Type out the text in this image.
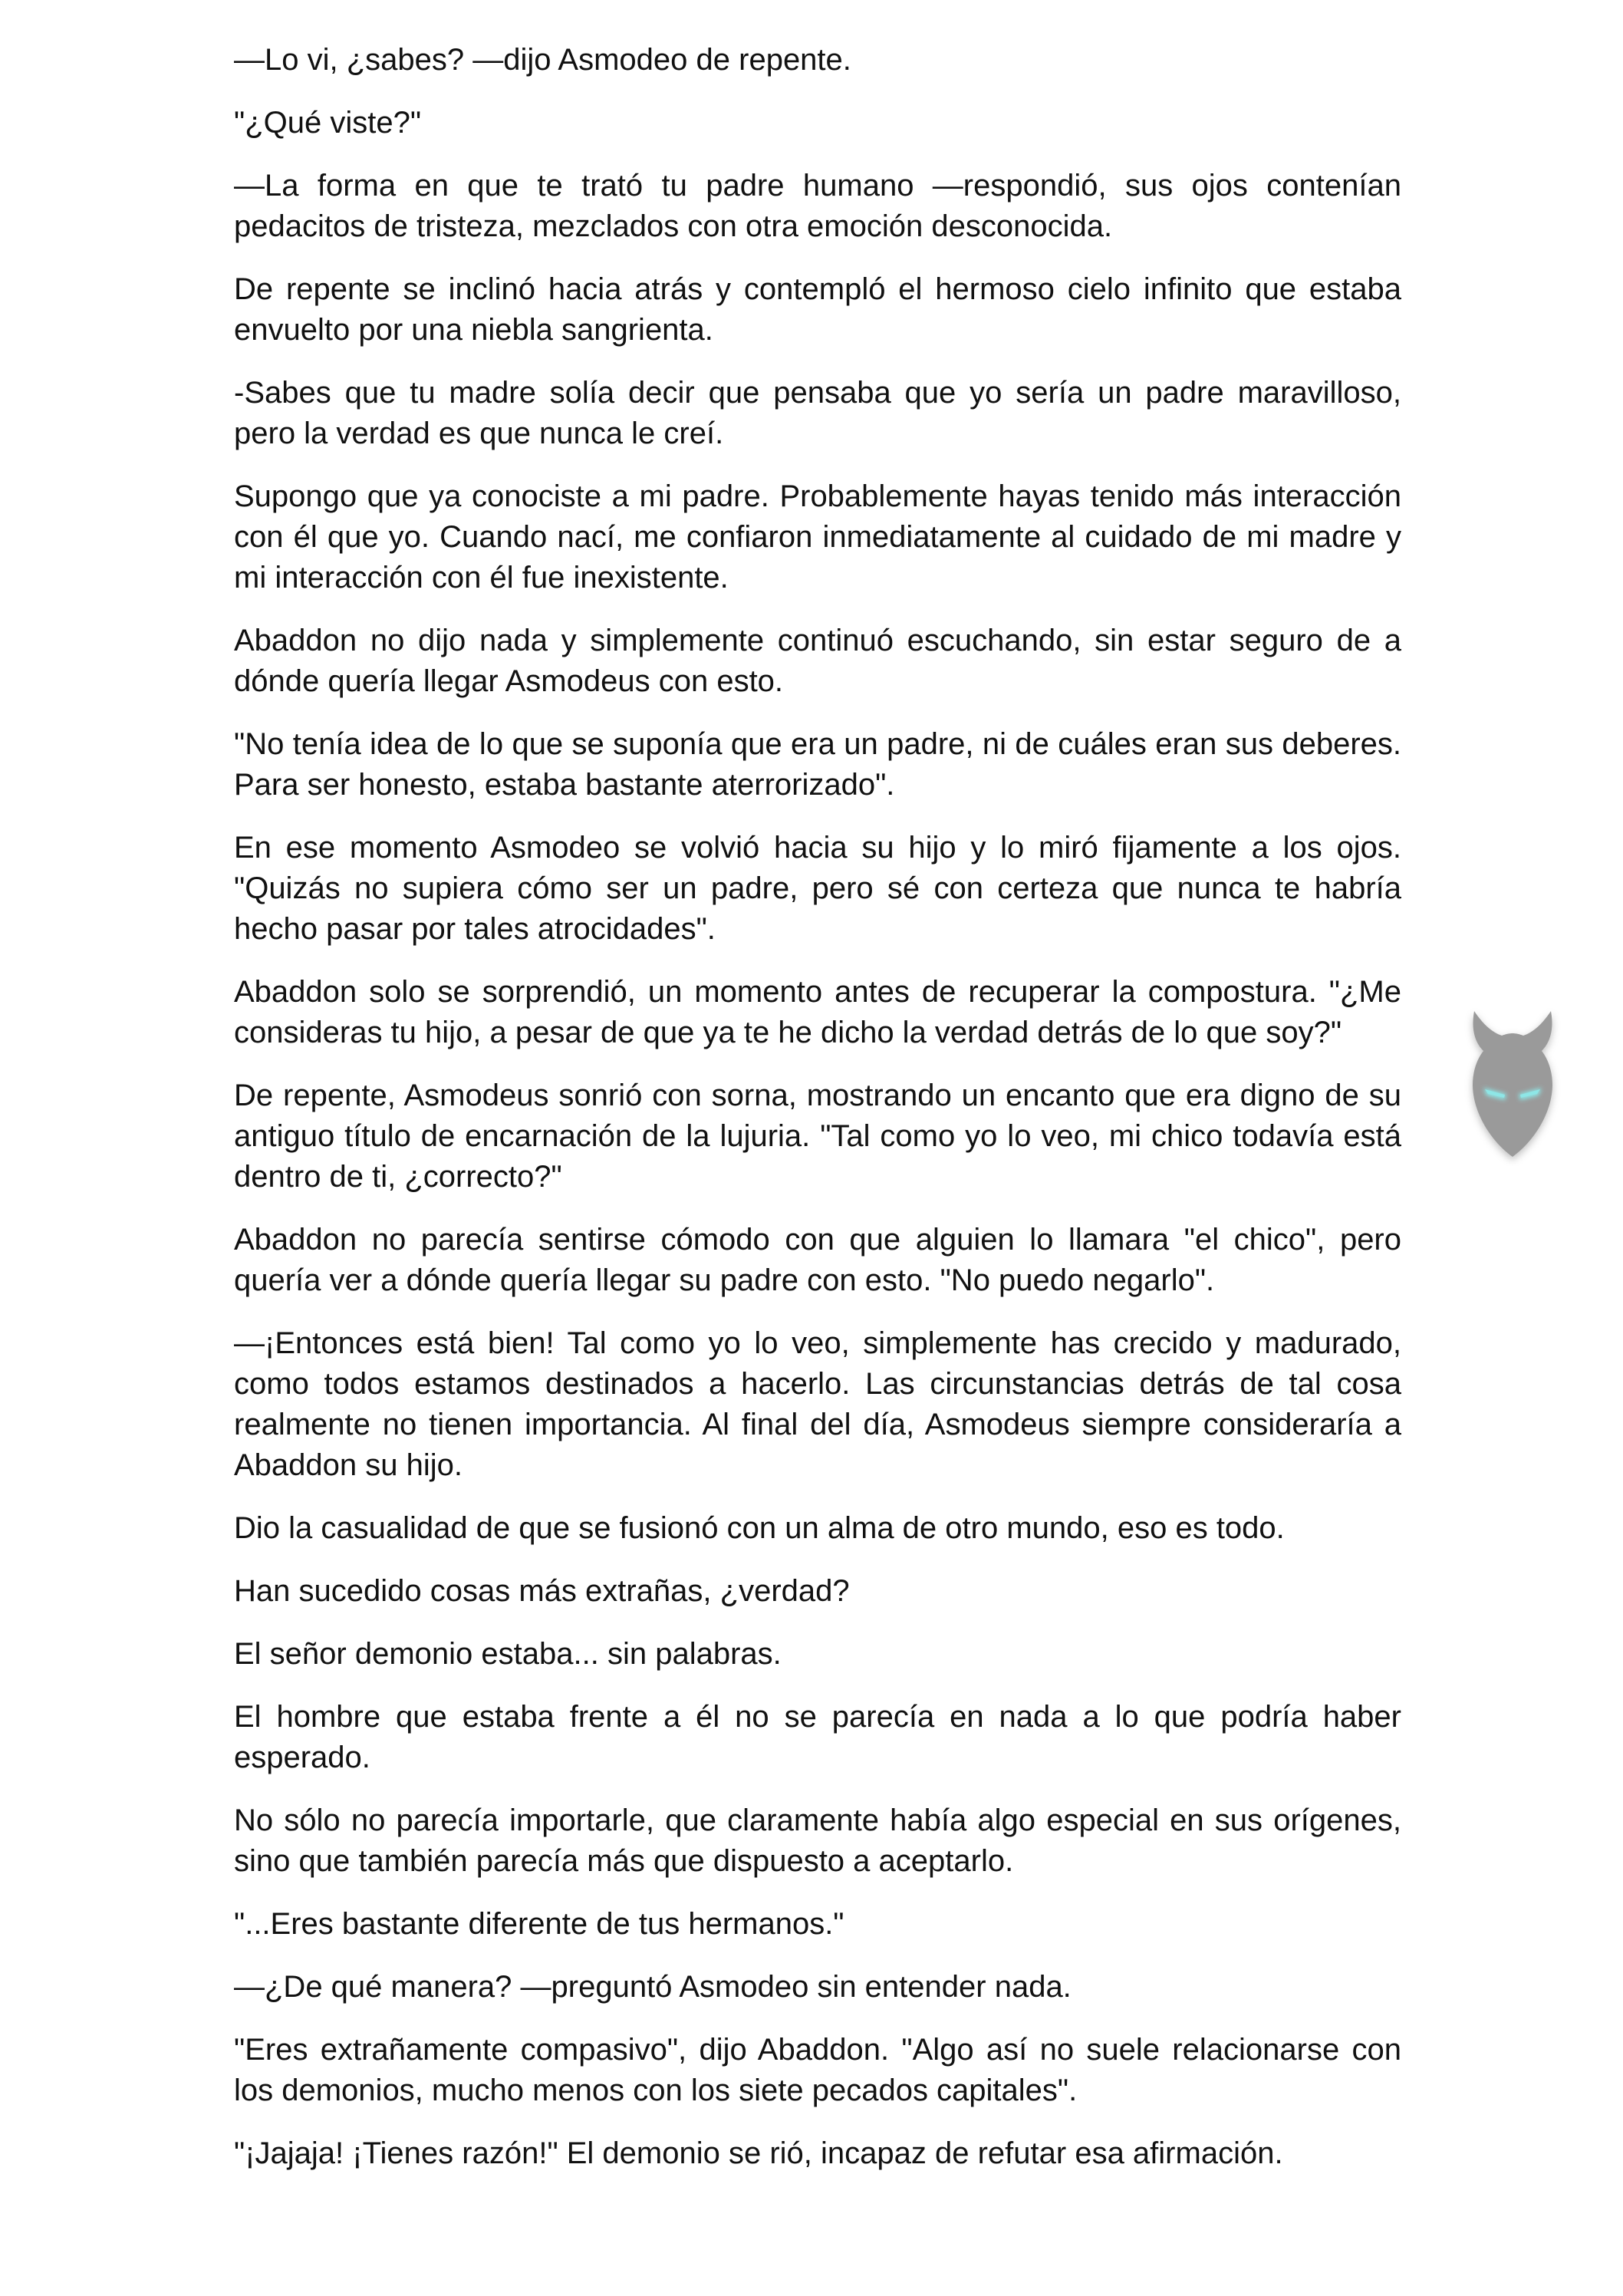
—Lo vi, ¿sabes? —dijo Asmodeo de repente.

"¿Qué viste?"

—La forma en que te trató tu padre humano —respondió, sus ojos contenían pedacitos de tristeza, mezclados con otra emoción desconocida.

De repente se inclinó hacia atrás y contempló el hermoso cielo infinito que estaba envuelto por una niebla sangrienta.

-Sabes que tu madre solía decir que pensaba que yo sería un padre maravilloso, pero la verdad es que nunca le creí.

Supongo que ya conociste a mi padre. Probablemente hayas tenido más interacción con él que yo. Cuando nací, me confiaron inmediatamente al cuidado de mi madre y mi interacción con él fue inexistente.

Abaddon no dijo nada y simplemente continuó escuchando, sin estar seguro de a dónde quería llegar Asmodeus con esto.

"No tenía idea de lo que se suponía que era un padre, ni de cuáles eran sus deberes. Para ser honesto, estaba bastante aterrorizado".

En ese momento Asmodeo se volvió hacia su hijo y lo miró fijamente a los ojos. "Quizás no supiera cómo ser un padre, pero sé con certeza que nunca te habría hecho pasar por tales atrocidades".

Abaddon solo se sorprendió, un momento antes de recuperar la compostura. "¿Me consideras tu hijo, a pesar de que ya te he dicho la verdad detrás de lo que soy?"

De repente, Asmodeus sonrió con sorna, mostrando un encanto que era digno de su antiguo título de encarnación de la lujuria. "Tal como yo lo veo, mi chico todavía está dentro de ti, ¿correcto?"

Abaddon no parecía sentirse cómodo con que alguien lo llamara "el chico", pero quería ver a dónde quería llegar su padre con esto. "No puedo negarlo".

—¡Entonces está bien! Tal como yo lo veo, simplemente has crecido y madurado, como todos estamos destinados a hacerlo. Las circunstancias detrás de tal cosa realmente no tienen importancia. Al final del día, Asmodeus siempre consideraría a Abaddon su hijo.

Dio la casualidad de que se fusionó con un alma de otro mundo, eso es todo.

Han sucedido cosas más extrañas, ¿verdad?

El señor demonio estaba... sin palabras.

El hombre que estaba frente a él no se parecía en nada a lo que podría haber esperado.

No sólo no parecía importarle, que claramente había algo especial en sus orígenes, sino que también parecía más que dispuesto a aceptarlo.

"...Eres bastante diferente de tus hermanos."

—¿De qué manera? —preguntó Asmodeo sin entender nada.

"Eres extrañamente compasivo", dijo Abaddon. "Algo así no suele relacionarse con los demonios, mucho menos con los siete pecados capitales".

"¡Jajaja! ¡Tienes razón!" El demonio se rió, incapaz de refutar esa afirmación.
